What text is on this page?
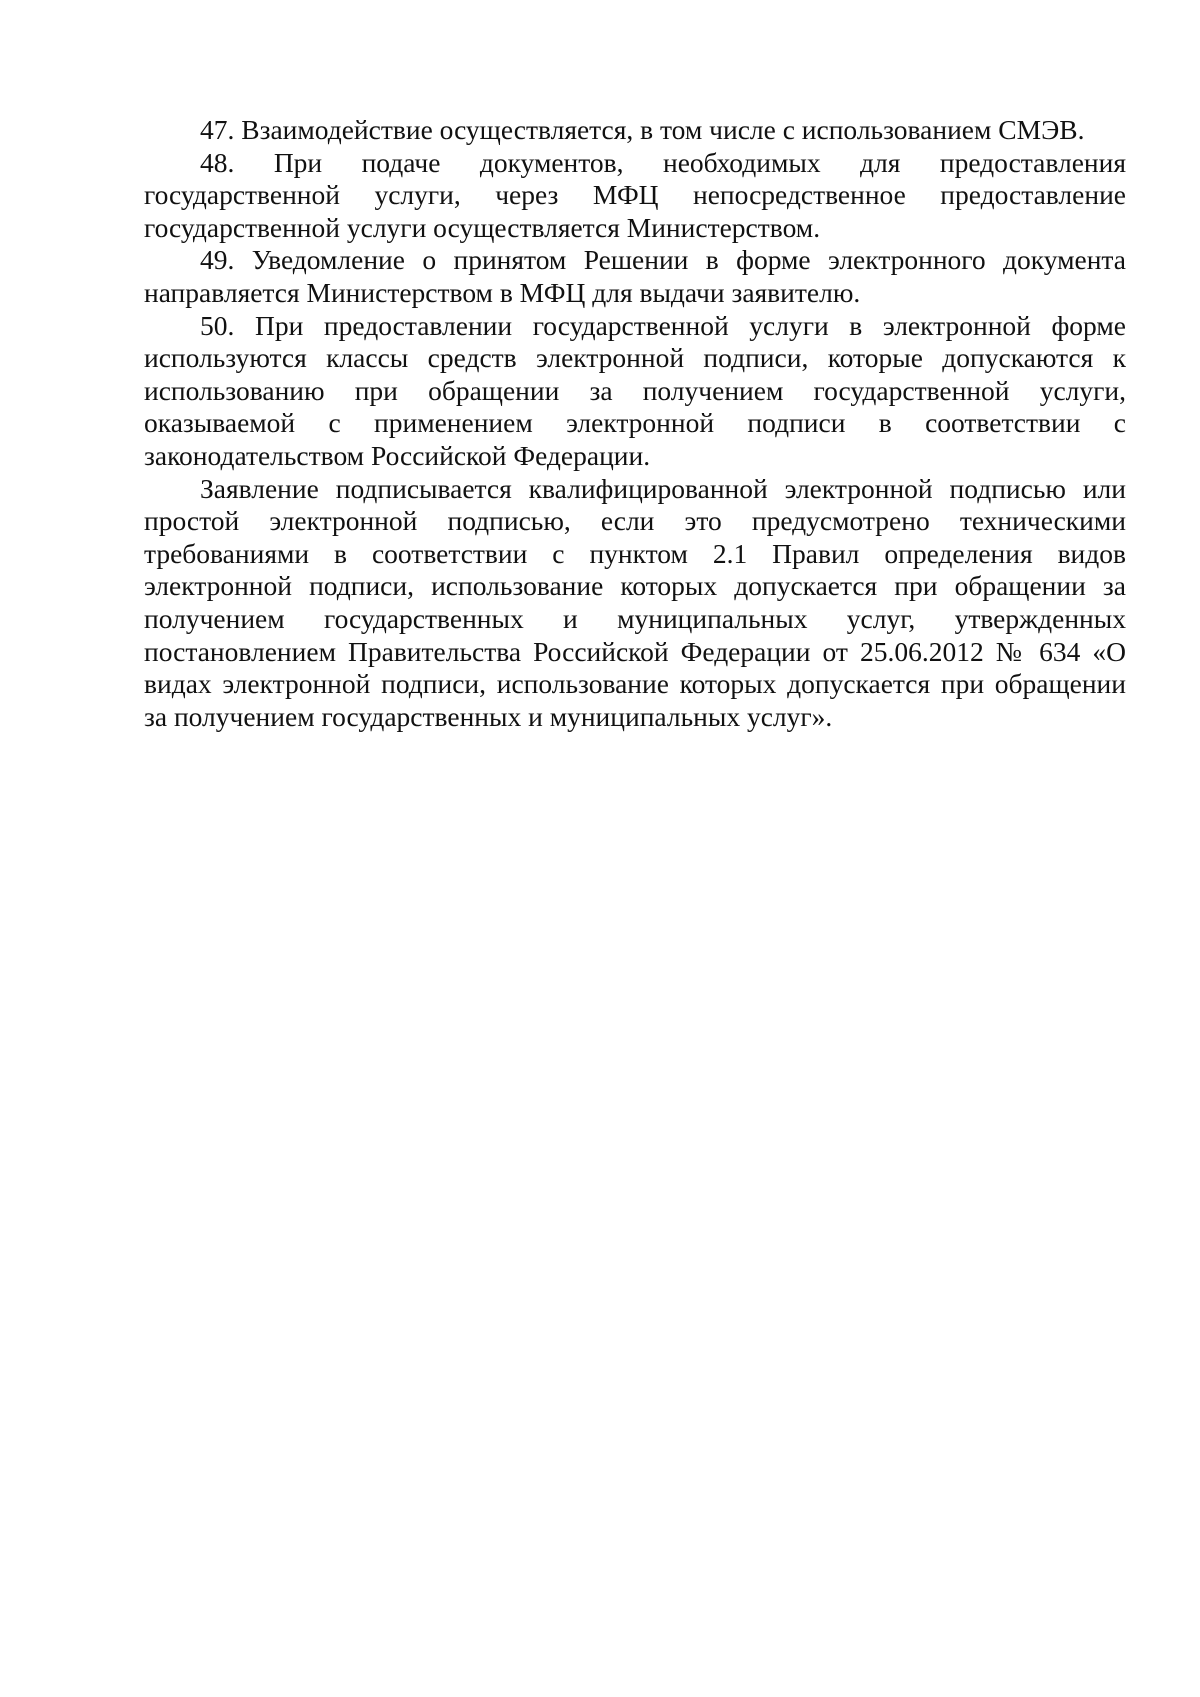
47. Взаимодействие осуществляется, в том числе с использованием СМЭВ.

48. При подаче документов, необходимых для предоставления государственной услуги, через МФЦ непосредственное предоставление государственной услуги осуществляется Министерством.

49. Уведомление о принятом Решении в форме электронного документа направляется Министерством в МФЦ для выдачи заявителю.

50. При предоставлении государственной услуги в электронной форме используются классы средств электронной подписи, которые допускаются к использованию при обращении за получением государственной услуги, оказываемой с применением электронной подписи в соответствии с законодательством Российской Федерации.

Заявление подписывается квалифицированной электронной подписью или простой электронной подписью, если это предусмотрено техническими требованиями в соответствии с пунктом 2.1 Правил определения видов электронной подписи, использование которых допускается при обращении за получением государственных и муниципальных услуг, утвержденных постановлением Правительства Российской Федерации от 25.06.2012 № 634 «О видах электронной подписи, использование которых допускается при обращении за получением государственных и муниципальных услуг».
